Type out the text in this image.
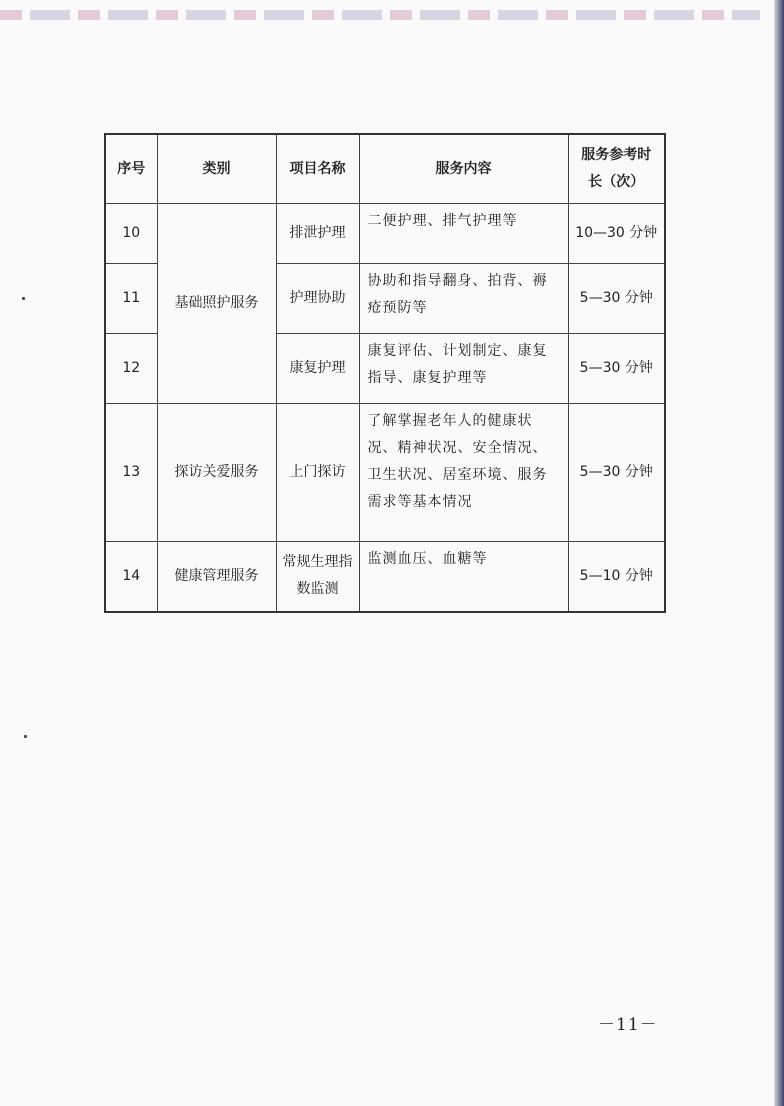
序号	类别	项目名称	服务内容	服务参考时长（次）
10	基础照护服务	排泄护理	二便护理、排气护理等	10—30 分钟
11		护理协助	协助和指导翻身、拍背、褥疮预防等	5—30 分钟
12		康复护理	康复评估、计划制定、康复指导、康复护理等	5—30 分钟
13	探访关爱服务	上门探访	了解掌握老年人的健康状况、精神状况、安全情况、卫生状况、居室环境、服务需求等基本情况	5—30 分钟
14	健康管理服务	常规生理指数监测	监测血压、血糖等	5—10 分钟
－11－
